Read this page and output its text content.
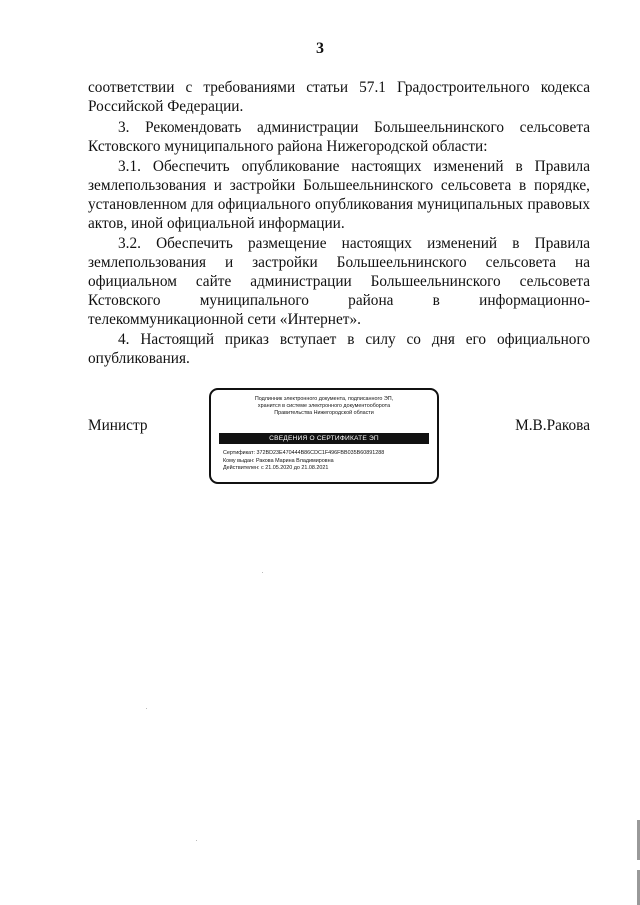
3

соответствии с требованиями статьи 57.1 Градостроительного кодекса Российской Федерации.

3. Рекомендовать администрации Большеельнинского сельсовета Кстовского муниципального района Нижегородской области:

3.1. Обеспечить опубликование настоящих изменений в Правила землепользования и застройки Большеельнинского сельсовета в порядке, установленном для официального опубликования муниципальных правовых актов, иной официальной информации.

3.2. Обеспечить размещение настоящих изменений в Правила землепользования и застройки Большеельнинского сельсовета на официальном сайте администрации Большеельнинского сельсовета Кстовского муниципального района в информационно-телекоммуникационной сети «Интернет».

4. Настоящий приказ вступает в силу со дня его официального опубликования.

Министр	М.В.Ракова
Подлинник электронного документа, подписанного ЭП,
хранится в системе электронного документооборота
Правительства Нижегородской области
СВЕДЕНИЯ О СЕРТИФИКАТЕ ЭП
Сертификат: 372BD23E470444B86CDC1F496FBB035B60891288
Кому выдан: Ракова Марина Владимировна
Действителен: с 21.05.2020 до 21.08.2021
